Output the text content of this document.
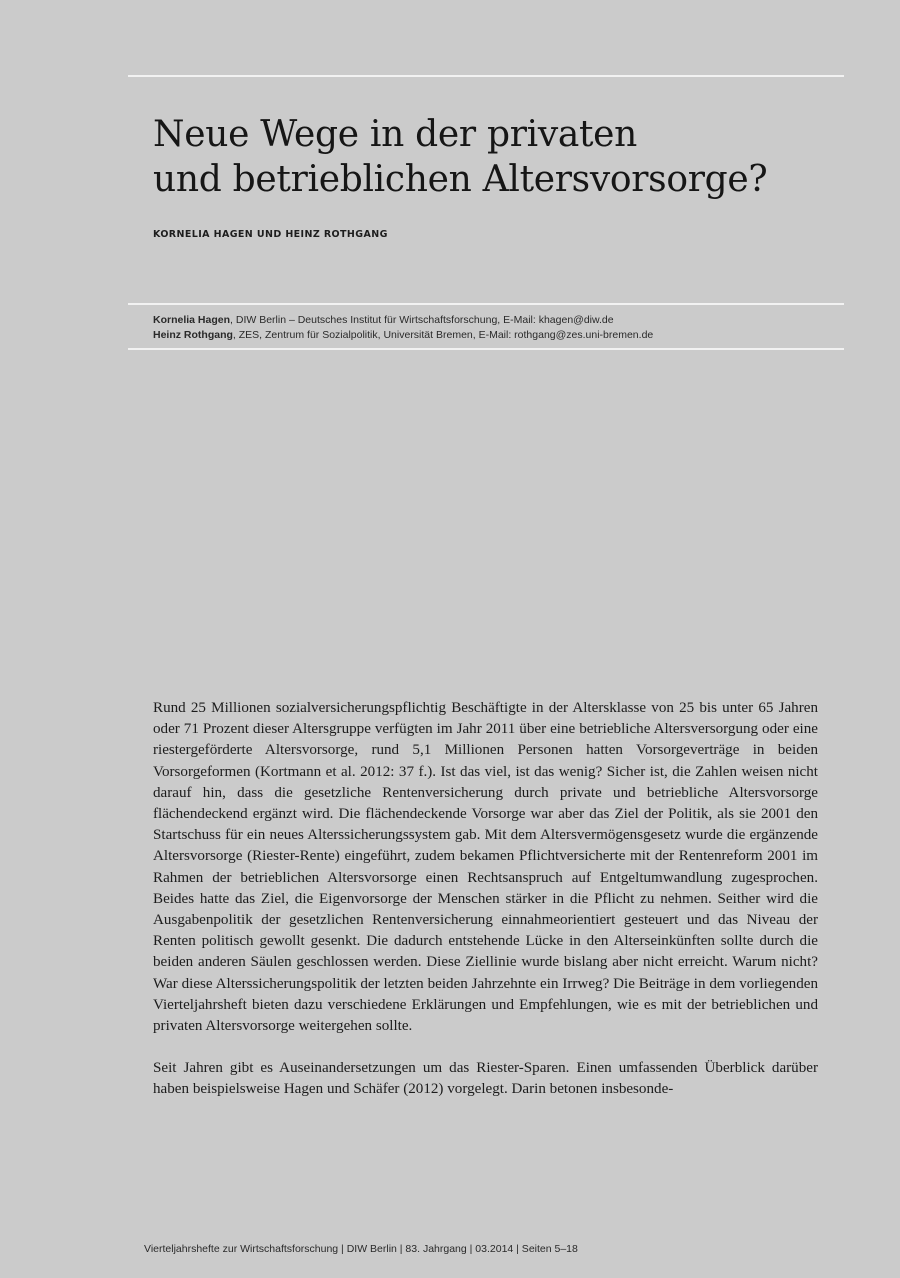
Neue Wege in der privaten
und betrieblichen Altersvorsorge?

KORNELIA HAGEN UND HEINZ ROTHGANG

Kornelia Hagen, DIW Berlin – Deutsches Institut für Wirtschaftsforschung, E-Mail: khagen@diw.de
Heinz Rothgang, ZES, Zentrum für Sozialpolitik, Universität Bremen, E-Mail: rothgang@zes.uni-bremen.de

Rund 25 Millionen sozialversicherungspflichtig Beschäftigte in der Altersklasse von 25 bis unter 65 Jahren oder 71 Prozent dieser Altersgruppe verfügten im Jahr 2011 über eine betriebliche Altersversorgung oder eine riestergeförderte Altersvorsorge, rund 5,1 Millionen Personen hatten Vorsorgeverträge in beiden Vorsorgeformen (Kortmann et al. 2012: 37 f.). Ist das viel, ist das wenig? Sicher ist, die Zahlen weisen nicht darauf hin, dass die gesetzliche Rentenversicherung durch private und betriebliche Altersvorsorge flächendeckend ergänzt wird. Die flächendeckende Vorsorge war aber das Ziel der Politik, als sie 2001 den Startschuss für ein neues Alterssicherungssystem gab. Mit dem Altersvermögensgesetz wurde die ergänzende Altersvorsorge (Riester-Rente) eingeführt, zudem bekamen Pflichtversicherte mit der Rentenreform 2001 im Rahmen der betrieblichen Altersvorsorge einen Rechtsanspruch auf Entgeltumwandlung zugesprochen. Beides hatte das Ziel, die Eigenvorsorge der Menschen stärker in die Pflicht zu nehmen. Seither wird die Ausgabenpolitik der gesetzlichen Rentenversicherung einnahmeorientiert gesteuert und das Niveau der Renten politisch gewollt gesenkt. Die dadurch entstehende Lücke in den Alterseinkünften sollte durch die beiden anderen Säulen geschlossen werden. Diese Ziellinie wurde bislang aber nicht erreicht. Warum nicht? War diese Alterssicherungspolitik der letzten beiden Jahrzehnte ein Irrweg? Die Beiträge in dem vorliegenden Vierteljahrsheft bieten dazu verschiedene Erklärungen und Empfehlungen, wie es mit der betrieblichen und privaten Altersvorsorge weitergehen sollte.

Seit Jahren gibt es Auseinandersetzungen um das Riester-Sparen. Einen umfassenden Überblick darüber haben beispielsweise Hagen und Schäfer (2012) vorgelegt. Darin betonen insbesonde-

Vierteljahrshefte zur Wirtschaftsforschung | DIW Berlin | 83. Jahrgang | 03.2014 | Seiten 5–18
